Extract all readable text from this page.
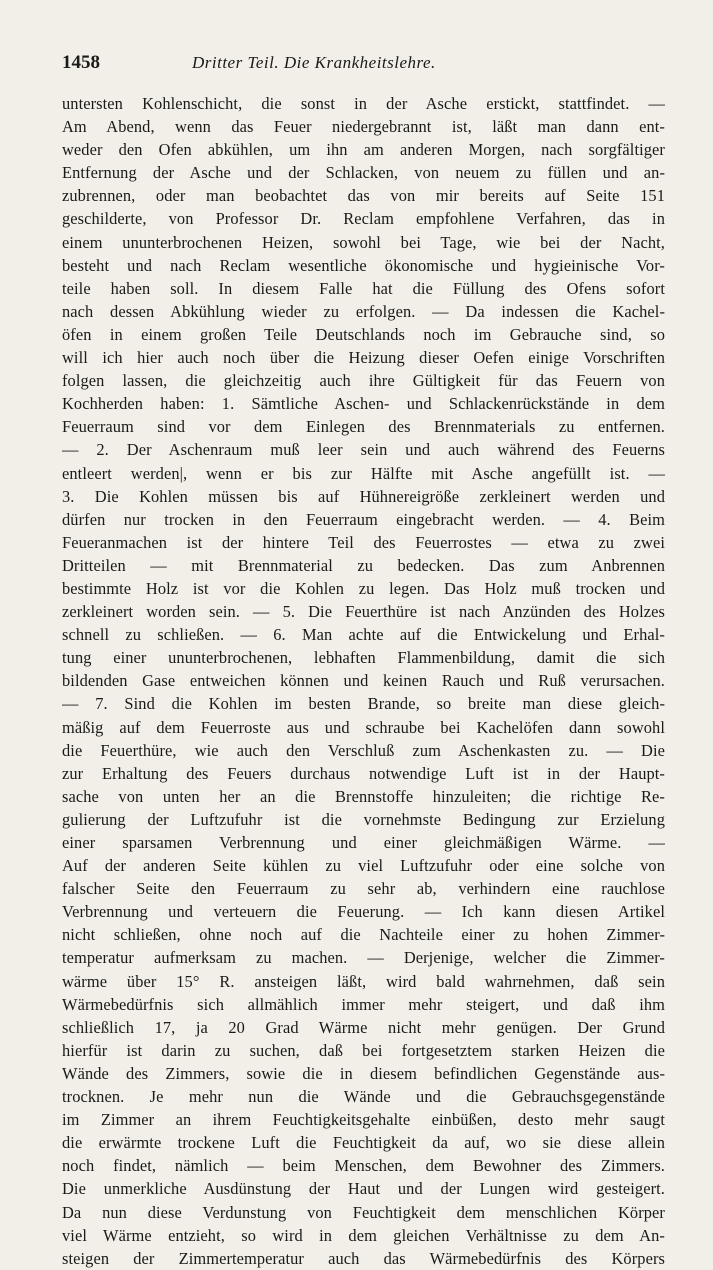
1458	Dritter Teil. Die Krankheitslehre.
untersten Kohlenschicht, die sonst in der Asche erstickt, stattfindet. —
Am Abend, wenn das Feuer niedergebrannt ist, läßt man dann ent-
weder den Ofen abkühlen, um ihn am anderen Morgen, nach sorgfältiger
Entfernung der Asche und der Schlacken, von neuem zu füllen und an-
zubrennen, oder man beobachtet das von mir bereits auf Seite 151
geschilderte, von Professor Dr. Reclam empfohlene Verfahren, das in
einem ununterbrochenen Heizen, sowohl bei Tage, wie bei der Nacht,
besteht und nach Reclam wesentliche ökonomische und hygieinische Vor-
teile haben soll. In diesem Falle hat die Füllung des Ofens sofort
nach dessen Abkühlung wieder zu erfolgen. — Da indessen die Kachel-
öfen in einem großen Teile Deutschlands noch im Gebrauche sind, so
will ich hier auch noch über die Heizung dieser Oefen einige Vorschriften
folgen lassen, die gleichzeitig auch ihre Gültigkeit für das Feuern von
Kochherden haben: 1. Sämtliche Aschen- und Schlackenrückstände in dem
Feuerraum sind vor dem Einlegen des Brennmaterials zu entfernen.
— 2. Der Aschenraum muß leer sein und auch während des Feuerns
entleert werden|, wenn er bis zur Hälfte mit Asche angefüllt ist. —
3. Die Kohlen müssen bis auf Hühnereigröße zerkleinert werden und
dürfen nur trocken in den Feuerraum eingebracht werden. — 4. Beim
Feueranmachen ist der hintere Teil des Feuerrostes — etwa zu zwei
Dritteilen — mit Brennmaterial zu bedecken. Das zum Anbrennen
bestimmte Holz ist vor die Kohlen zu legen. Das Holz muß trocken und
zerkleinert worden sein. — 5. Die Feuerthüre ist nach Anzünden des Holzes
schnell zu schließen. — 6. Man achte auf die Entwickelung und Erhal-
tung einer ununterbrochenen, lebhaften Flammenbildung, damit die sich
bildenden Gase entweichen können und keinen Rauch und Ruß verursachen.
— 7. Sind die Kohlen im besten Brande, so breite man diese gleich-
mäßig auf dem Feuerroste aus und schraube bei Kachelöfen dann sowohl
die Feuerthüre, wie auch den Verschluß zum Aschenkasten zu. — Die
zur Erhaltung des Feuers durchaus notwendige Luft ist in der Haupt-
sache von unten her an die Brennstoffe hinzuleiten; die richtige Re-
gulierung der Luftzufuhr ist die vornehmste Bedingung zur Erzielung
einer sparsamen Verbrennung und einer gleichmäßigen Wärme. —
Auf der anderen Seite kühlen zu viel Luftzufuhr oder eine solche von
falscher Seite den Feuerraum zu sehr ab, verhindern eine rauchlose
Verbrennung und verteuern die Feuerung. — Ich kann diesen Artikel
nicht schließen, ohne noch auf die Nachteile einer zu hohen Zimmer-
temperatur aufmerksam zu machen. — Derjenige, welcher die Zimmer-
wärme über 15° R. ansteigen läßt, wird bald wahrnehmen, daß sein
Wärmebedürfnis sich allmählich immer mehr steigert, und daß ihm
schließlich 17, ja 20 Grad Wärme nicht mehr genügen. Der Grund
hierfür ist darin zu suchen, daß bei fortgesetztem starken Heizen die
Wände des Zimmers, sowie die in diesem befindlichen Gegenstände aus-
trocknen. Je mehr nun die Wände und die Gebrauchsgegenstände
im Zimmer an ihrem Feuchtigkeitsgehalte einbüßen, desto mehr saugt
die erwärmte trockene Luft die Feuchtigkeit da auf, wo sie diese allein
noch findet, nämlich — beim Menschen, dem Bewohner des Zimmers.
Die unmerkliche Ausdünstung der Haut und der Lungen wird gesteigert.
Da nun diese Verdunstung von Feuchtigkeit dem menschlichen Körper
viel Wärme entzieht, so wird in dem gleichen Verhältnisse zu dem An-
steigen der Zimmertemperatur auch das Wärmebedürfnis des Körpers
